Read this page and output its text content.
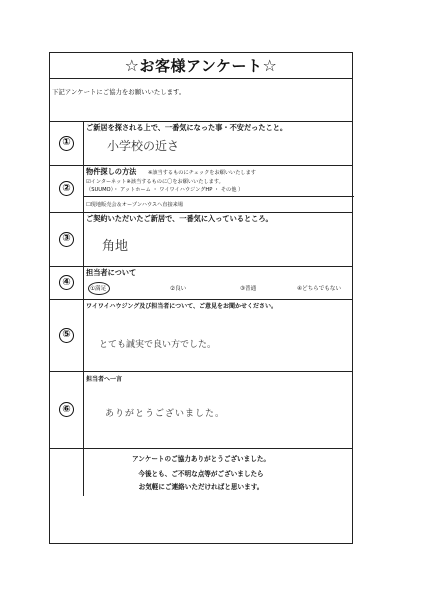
☆ お客様アンケート ☆
下記アンケートにご協力をお願いいたします。
①
ご新居を探される上で、一番気になった事・不安だったこと。
小学校の近さ
②
物件探しの方法 ※該当するものにチェックをお願いいたします
☑インターネット※該当するものに〇をお願いいたします。
（SUUMO）・ アットホーム ・ ワイワイハウジングHP ・ その他 ）
☐現地販売会＆オープンハウスへ直接来場
③
ご契約いただいたご新居で、一番気に入っているところ。
角地
④
担当者について
①満足	②良い	③普通	④どちらでもない
⑤
ワイワイハウジング及び担当者について、ご意見をお聞かせください。
とても誠実で良い方でした。
⑥
担当者へ一言
ありがとうございました。
アンケートのご協力ありがとうございました。
今後とも、ご不明な点等がございましたら
お気軽にご連絡いただければと思います。
